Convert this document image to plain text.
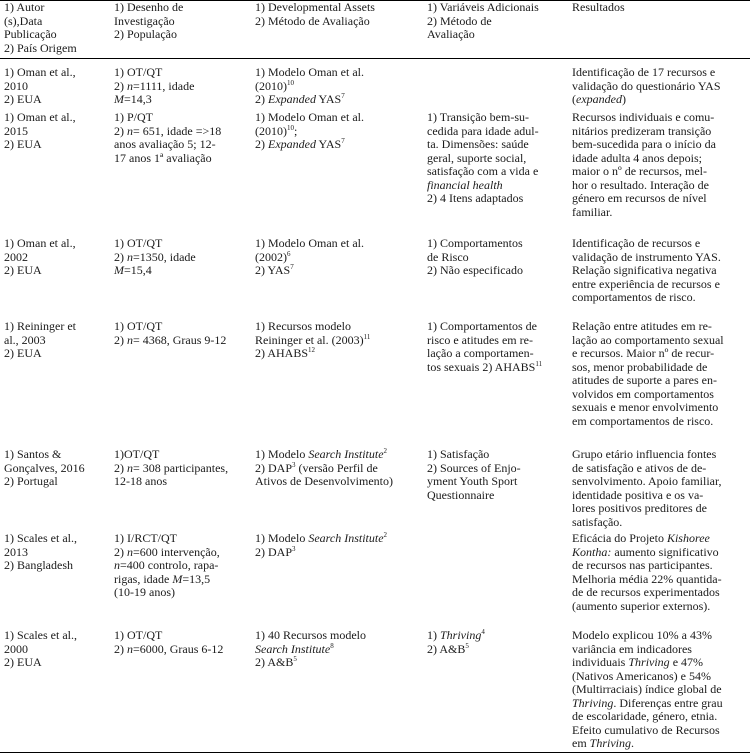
1) Autor
(s),Data
Publicação
2) País Origem
1) Desenho de
Investigação
2) População
1) Developmental Assets
2) Método de Avaliação
1) Variáveis Adicionais
2) Método de
Avaliação
Resultados
1) Oman et al.,
2010
2) EUA
1) OT/QT
2) n=1111, idade
M=14,3
1) Modelo Oman et al.
$(2010)^{10}$
2) Expanded YAS$^7$
Identificação de 17 recursos e
validação do questionário YAS
(expanded)
1) Oman et al.,
2015
2) EUA
1) P/QT
2) n= 651, idade =>18
anos avaliação 5; 12-
17 anos 1ª avaliação
1) Modelo Oman et al.
$(2010)^{10}$;
2) Expanded YAS$^7$
1) Transição bem-su-
cedida para idade adul-
ta. Dimensões: saúde
geral, suporte social,
satisfação com a vida e
financial health
2) 4 Itens adaptados
Recursos individuais e comu-
nitários predizeram transição
bem-sucedida para o início da
idade adulta 4 anos depois;
maior o nº de recursos, mel-
hor o resultado. Interação de
género em recursos de nível
familiar.
1) Oman et al.,
2002
2) EUA
1) OT/QT
2) n=1350, idade
M=15,4
1) Modelo Oman et al.
$(2002)^6$
2) YAS$^7$
1) Comportamentos
de Risco
2) Não especificado
Identificação de recursos e
validação de instrumento YAS.
Relação significativa negativa
entre experiência de recursos e
comportamentos de risco.
1) Reininger et
al., 2003
2) EUA
1) OT/QT
2) n= 4368, Graus 9-12
1) Recursos modelo
Reininger et al. $(2003)^{11}$
2) AHABS$^{12}$
1) Comportamentos de
risco e atitudes em re-
lação a comportamen-
tos sexuais 2) AHABS$^{11}$
Relação entre atitudes em re-
lação ao comportamento sexual
e recursos. Maior nº de recur-
sos, menor probabilidade de
atitudes de suporte a pares en-
volvidos em comportamentos
sexuais e menor envolvimento
em comportamentos de risco.
1) Santos &
Gonçalves, 2016
2) Portugal
1)OT/QT
2) n= 308 participantes,
12-18 anos
1) Modelo Search Institute$^2$
2) DAP$^3$ (versão Perfil de
Ativos de Desenvolvimento)
1) Satisfação
2) Sources of Enjo-
yment Youth Sport
Questionnaire
Grupo etário influencia fontes
de satisfação e ativos de de-
senvolvimento. Apoio familiar,
identidade positiva e os va-
lores positivos preditores de
satisfação.
1) Scales et al.,
2013
2) Bangladesh
1) I/RCT/QT
2) n=600 intervenção,
n=400 controlo, rapa-
rigas, idade M=13,5
(10-19 anos)
1) Modelo Search Institute$^2$
2) DAP$^3$
Eficácia do Projeto Kishoree
Kontha: aumento significativo
de recursos nas participantes.
Melhoria média 22% quantida-
de de recursos experimentados
(aumento superior externos).
1) Scales et al.,
2000
2) EUA
1) OT/QT
2) n=6000, Graus 6-12
1) 40 Recursos modelo
Search Institute$^8$
2) $A\&B^5$
1) Thriving$^4$
2) $A\&B^5$
Modelo explicou 10% a 43%
variância em indicadores
individuais Thriving e 47%
(Nativos Americanos) e 54%
(Multirraciais) índice global de
Thriving. Diferenças entre grau
de escolaridade, género, etnia.
Efeito cumulativo de Recursos
em Thriving.
